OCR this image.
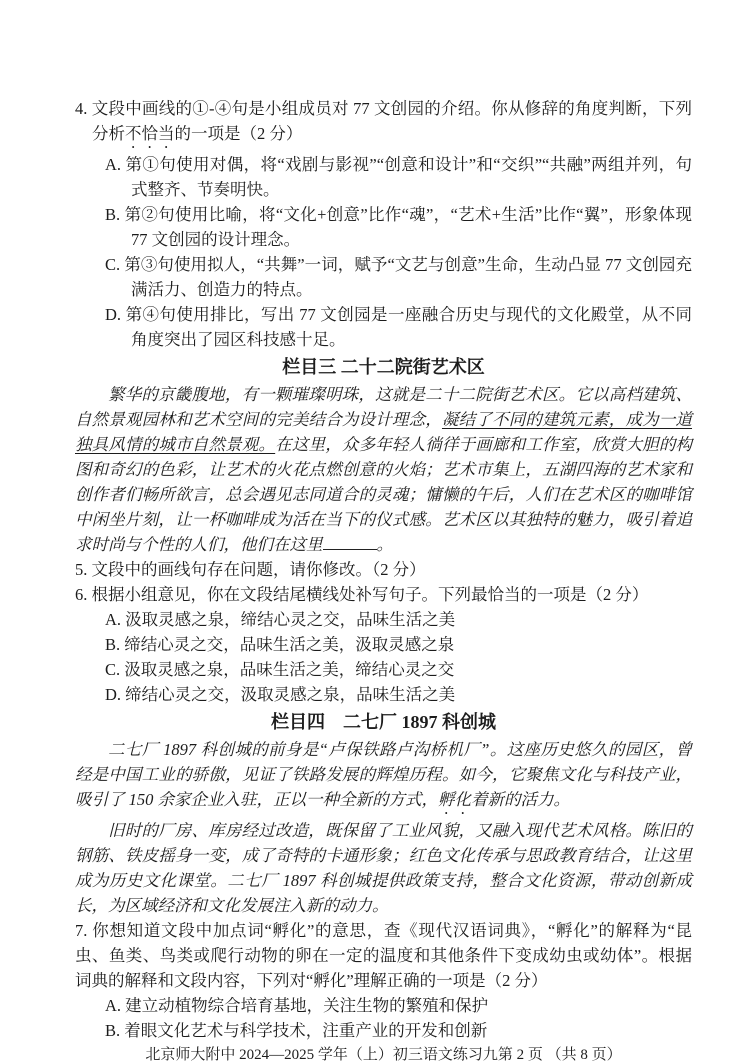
4. 文段中画线的①-④句是小组成员对 77 文创园的介绍。你从修辞的角度判断，下列分析不恰当的一项是（2 分）
A. 第①句使用对偶，将“戏剧与影视”“创意和设计”和“交织”“共融”两组并列，句式整齐、节奏明快。
B. 第②句使用比喻，将“文化+创意”比作“魂”，“艺术+生活”比作“翼”，形象体现 77 文创园的设计理念。
C. 第③句使用拟人，“共舞”一词，赋予“文艺与创意”生命，生动凸显 77 文创园充满活力、创造力的特点。
D. 第④句使用排比，写出 77 文创园是一座融合历史与现代的文化殿堂，从不同角度突出了园区科技感十足。
栏目三 二十二院街艺术区

繁华的京畿腹地，有一颗璀璨明珠，这就是二十二院街艺术区。它以高档建筑、自然景观园林和艺术空间的完美结合为设计理念，凝结了不同的建筑元素，成为一道独具风情的城市自然景观。在这里，众多年轻人徜徉于画廊和工作室，欣赏大胆的构图和奇幻的色彩，让艺术的火花点燃创意的火焰；艺术市集上，五湖四海的艺术家和创作者们畅所欲言，总会遇见志同道合的灵魂；慵懒的午后，人们在艺术区的咖啡馆中闲坐片刻，让一杯咖啡成为活在当下的仪式感。艺术区以其独特的魅力，吸引着追求时尚与个性的人们，他们在这里	。

5. 文段中的画线句存在问题，请你修改。（2 分）
6. 根据小组意见，你在文段结尾横线处补写句子。下列最恰当的一项是（2 分）
A. 汲取灵感之泉，缔结心灵之交，品味生活之美
B. 缔结心灵之交，品味生活之美，汲取灵感之泉
C. 汲取灵感之泉，品味生活之美，缔结心灵之交
D. 缔结心灵之交，汲取灵感之泉，品味生活之美
栏目四　二七厂 1897 科创城

二七厂 1897 科创城的前身是“卢保铁路卢沟桥机厂”。这座历史悠久的园区，曾经是中国工业的骄傲，见证了铁路发展的辉煌历程。如今，它聚焦文化与科技产业，吸引了 150 余家企业入驻，正以一种全新的方式，孵化着新的活力。

旧时的厂房、库房经过改造，既保留了工业风貌，又融入现代艺术风格。陈旧的钢筋、铁皮摇身一变，成了奇特的卡通形象；红色文化传承与思政教育结合，让这里成为历史文化课堂。二七厂 1897 科创城提供政策支持，整合文化资源，带动创新成长，为区域经济和文化发展注入新的动力。

7. 你想知道文段中加点词“孵化”的意思，查《现代汉语词典》，“孵化”的解释为“昆虫、鱼类、鸟类或爬行动物的卵在一定的温度和其他条件下变成幼虫或幼体”。根据词典的解释和文段内容，下列对“孵化”理解正确的一项是（2 分）
A. 建立动植物综合培育基地，关注生物的繁殖和保护
B. 着眼文化艺术与科学技术，注重产业的开发和创新
北京师大附中 2024—2025 学年（上）初三语文练习九第 2 页 （共 8 页）
